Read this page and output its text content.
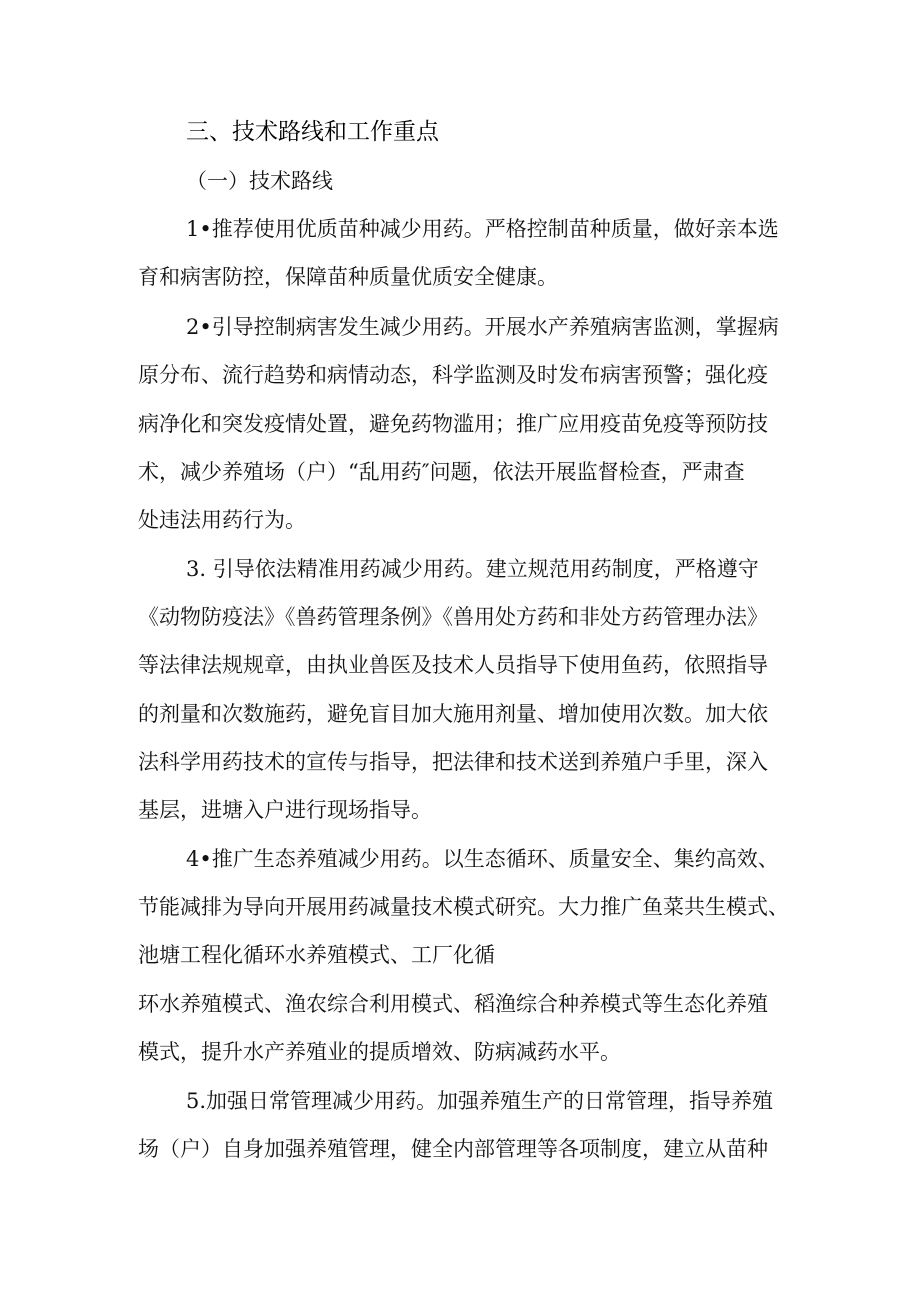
三、技术路线和工作重点
（一）技术路线
1•推荐使用优质苗种减少用药。严格控制苗种质量，做好亲本选
育和病害防控，保障苗种质量优质安全健康。
2•引导控制病害发生减少用药。开展水产养殖病害监测，掌握病
原分布、流行趋势和病情动态，科学监测及时发布病害预警；强化疫
病净化和突发疫情处置，避免药物滥用；推广应用疫苗免疫等预防技
术，减少养殖场（户）“乱用药″问题，依法开展监督检查，严肃查
处违法用药行为。
3. 引导依法精准用药减少用药。建立规范用药制度，严格遵守
《动物防疫法》《兽药管理条例》《兽用处方药和非处方药管理办法》
等法律法规规章，由执业兽医及技术人员指导下使用鱼药，依照指导
的剂量和次数施药，避免盲目加大施用剂量、增加使用次数。加大依
法科学用药技术的宣传与指导，把法律和技术送到养殖户手里，深入
基层，进塘入户进行现场指导。
4•推广生态养殖减少用药。以生态循环、质量安全、集约高效、
节能减排为导向开展用药减量技术模式研究。大力推广鱼菜共生模式、
池塘工程化循环水养殖模式、工厂化循
环水养殖模式、渔农综合利用模式、稻渔综合种养模式等生态化养殖
模式，提升水产养殖业的提质增效、防病减药水平。
5.加强日常管理减少用药。加强养殖生产的日常管理，指导养殖
场（户）自身加强养殖管理，健全内部管理等各项制度，建立从苗种
